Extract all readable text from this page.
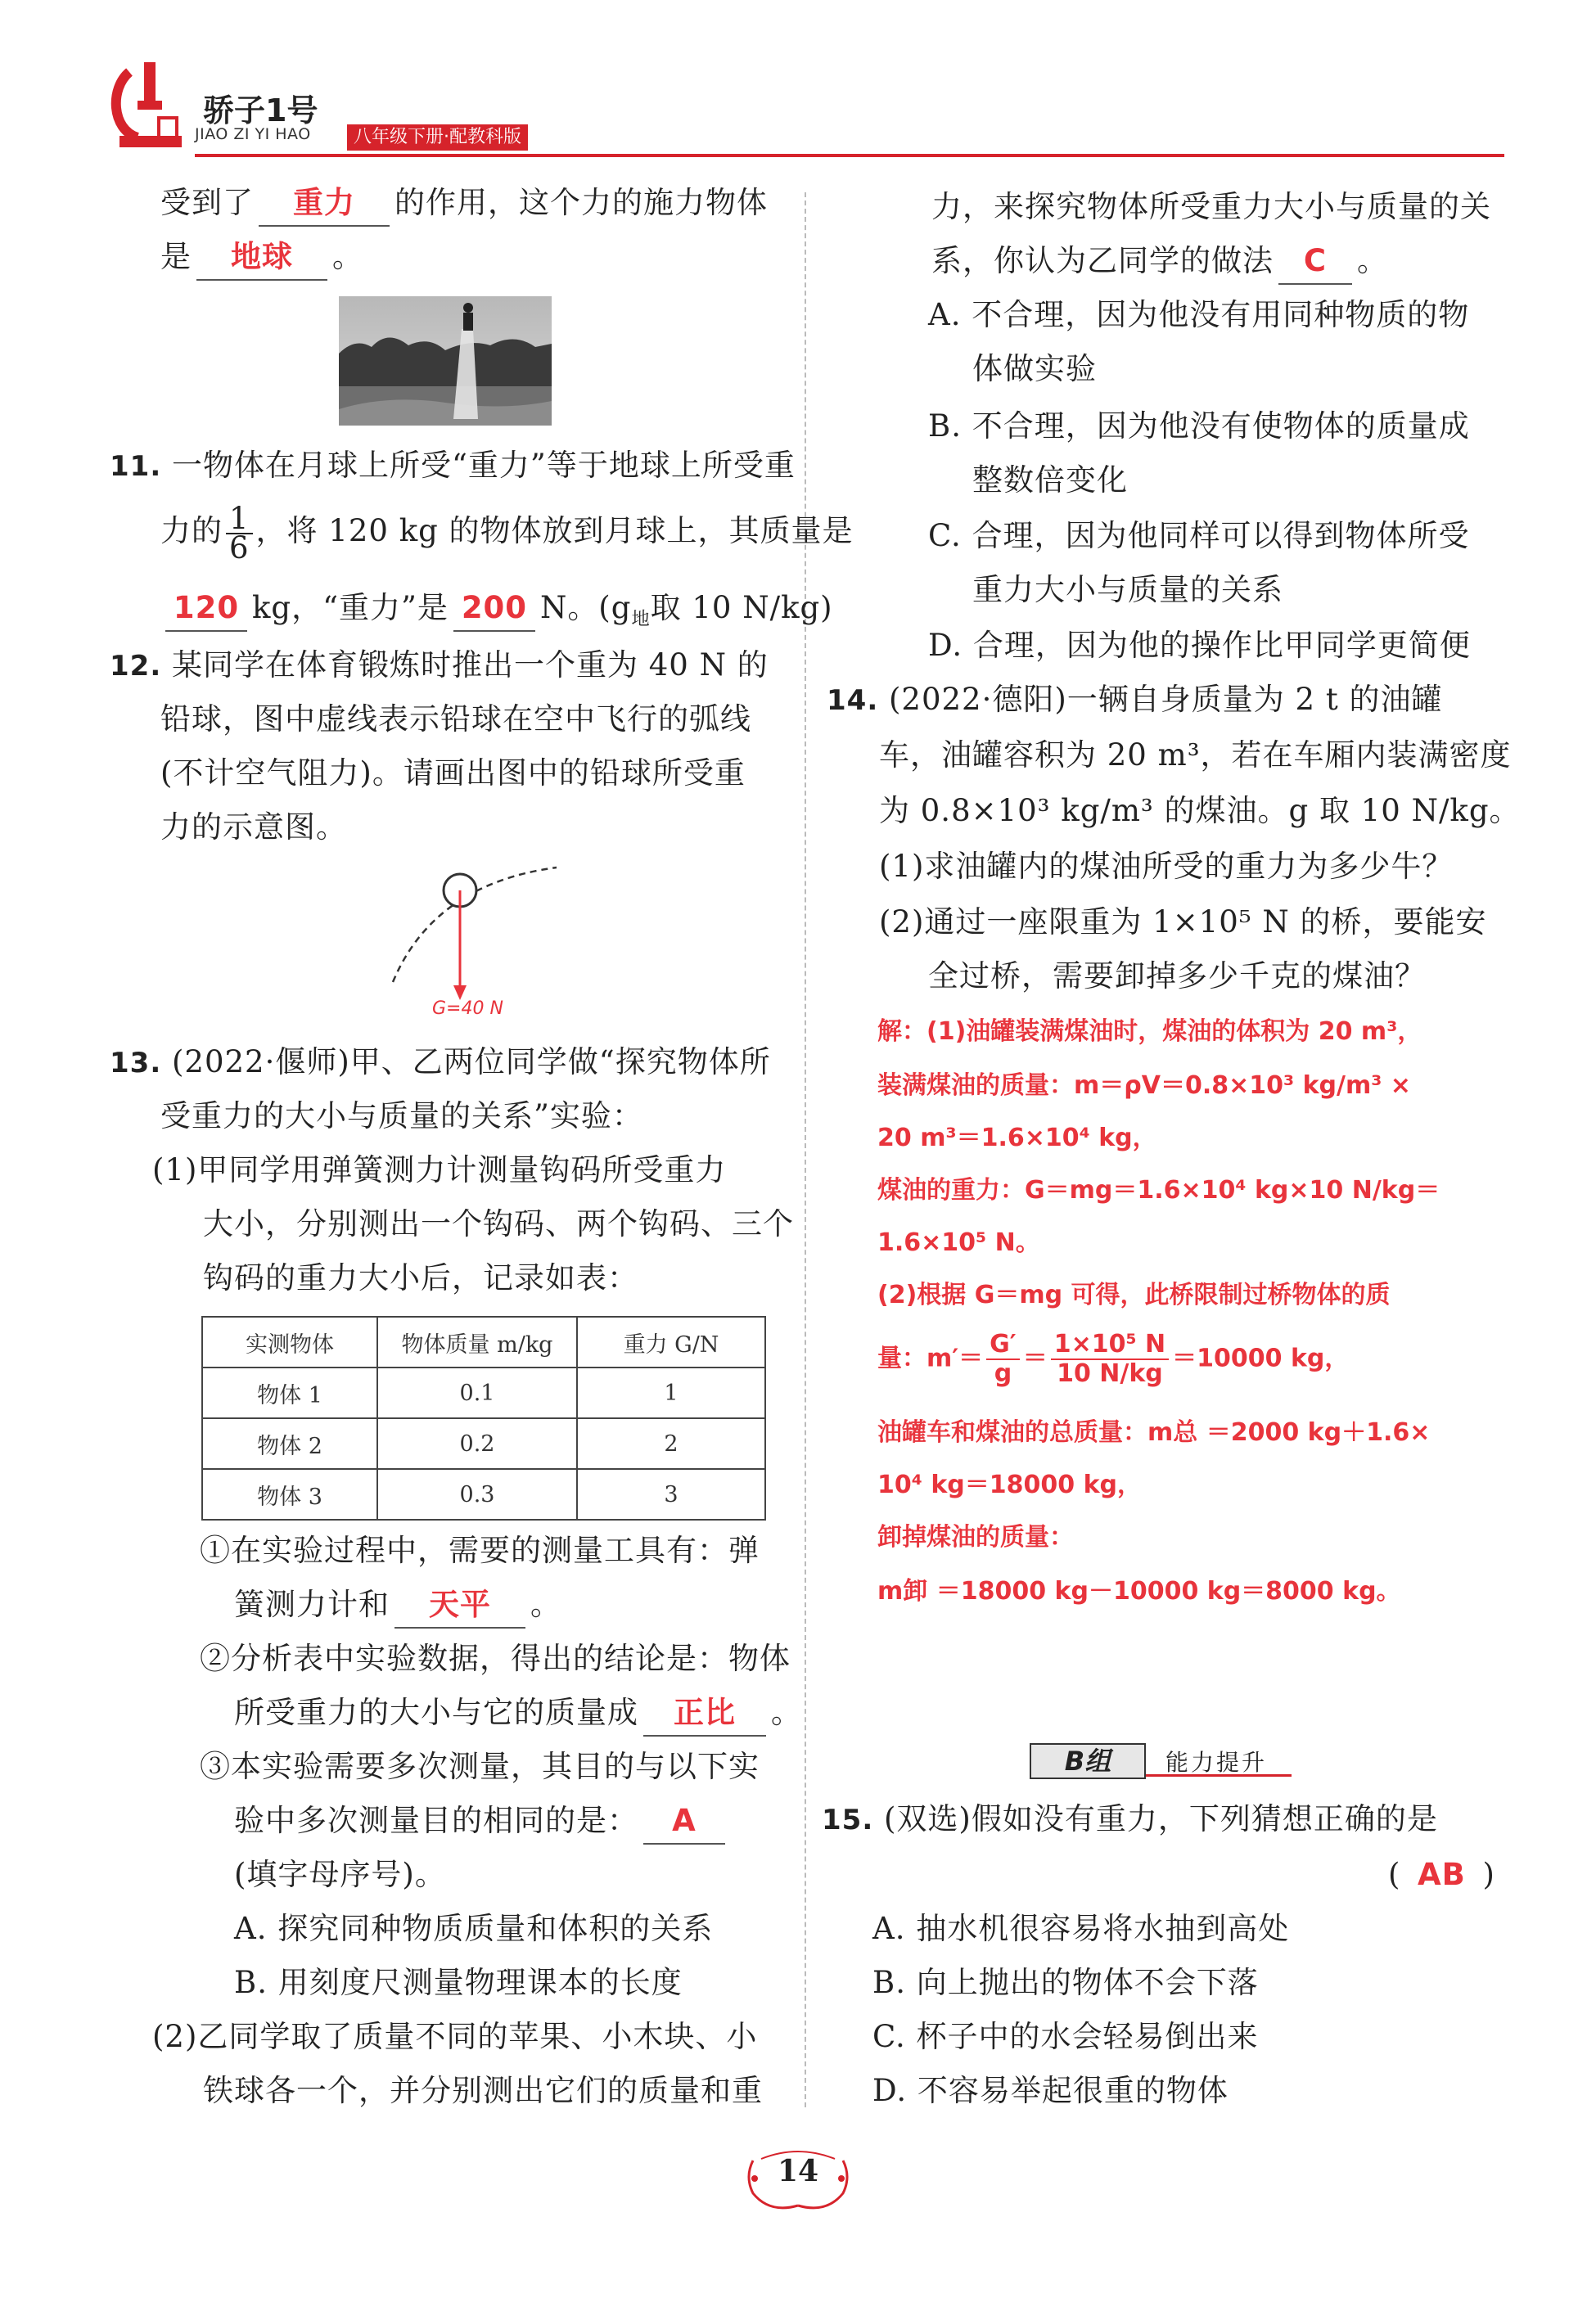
骄子1号
JIAO ZI YI HAO	八年级下册·配教科版
受到了 重力 的作用，这个力的施力物体
是 地球 。
11. 一物体在月球上所受“重力”等于地球上所受重
力的 $\frac{1}{6}$ ，将 120 kg 的物体放到月球上，其质量是
120 kg，“重力”是 200 N。($g_地$取 10 N/kg)
12. 某同学在体育锻炼时推出一个重为 40 N 的
铅球，图中虚线表示铅球在空中飞行的弧线
(不计空气阻力)。请画出图中的铅球所受重
力的示意图。
G=40 N
13. (2022·偃师)甲、乙两位同学做“探究物体所
受重力的大小与质量的关系”实验：
(1)甲同学用弹簧测力计测量钩码所受重力
大小，分别测出一个钩码、两个钩码、三个
钩码的重力大小后，记录如表：
实测物体	物体质量 m/kg	重力 G/N
物体 1	0.1	1
物体 2	0.2	2
物体 3	0.3	3
①在实验过程中，需要的测量工具有：弹
簧测力计和 天平 。
②分析表中实验数据，得出的结论是：物体
所受重力的大小与它的质量成 正比 。
③本实验需要多次测量，其目的与以下实
验中多次测量目的相同的是： A
(填字母序号)。
A. 探究同种物质质量和体积的关系
B. 用刻度尺测量物理课本的长度
(2)乙同学取了质量不同的苹果、小木块、小
铁球各一个，并分别测出它们的质量和重
力，来探究物体所受重力大小与质量的关
系，你认为乙同学的做法 C 。
A. 不合理，因为他没有用同种物质的物
体做实验
B. 不合理，因为他没有使物体的质量成
整数倍变化
C. 合理，因为他同样可以得到物体所受
重力大小与质量的关系
D. 合理，因为他的操作比甲同学更简便
14. (2022·德阳)一辆自身质量为 2 t 的油罐
车，油罐容积为 20 m³，若在车厢内装满密度
为 0.8×10³ kg/m³ 的煤油。g 取 10 N/kg。
(1)求油罐内的煤油所受的重力为多少牛？
(2)通过一座限重为 1×10⁵ N 的桥，要能安
全过桥，需要卸掉多少千克的煤油？
解：(1)油罐装满煤油时，煤油的体积为 20 m³，
装满煤油的质量：m＝ρV＝0.8×10³ kg/m³ ×
20 m³＝1.6×10⁴ kg，
煤油的重力：G＝mg＝1.6×10⁴ kg×10 N/kg＝
1.6×10⁵ N。
(2)根据 G＝mg 可得，此桥限制过桥物体的质
量：$m'= \frac{G'}{g} = \frac{\text{1×10⁵ N}}{10 N/kg} =10000$ kg，
油罐车和煤油的总质量：m总 ＝2000 kg＋1.6×
10⁴ kg＝18000 kg，
卸掉煤油的质量：
m卸 ＝18000 kg－10000 kg＝8000 kg。
B组	能力提升
15. (双选)假如没有重力，下列猜想正确的是
( AB )
A. 抽水机很容易将水抽到高处
B. 向上抛出的物体不会下落
C. 杯子中的水会轻易倒出来
D. 不容易举起很重的物体
14
